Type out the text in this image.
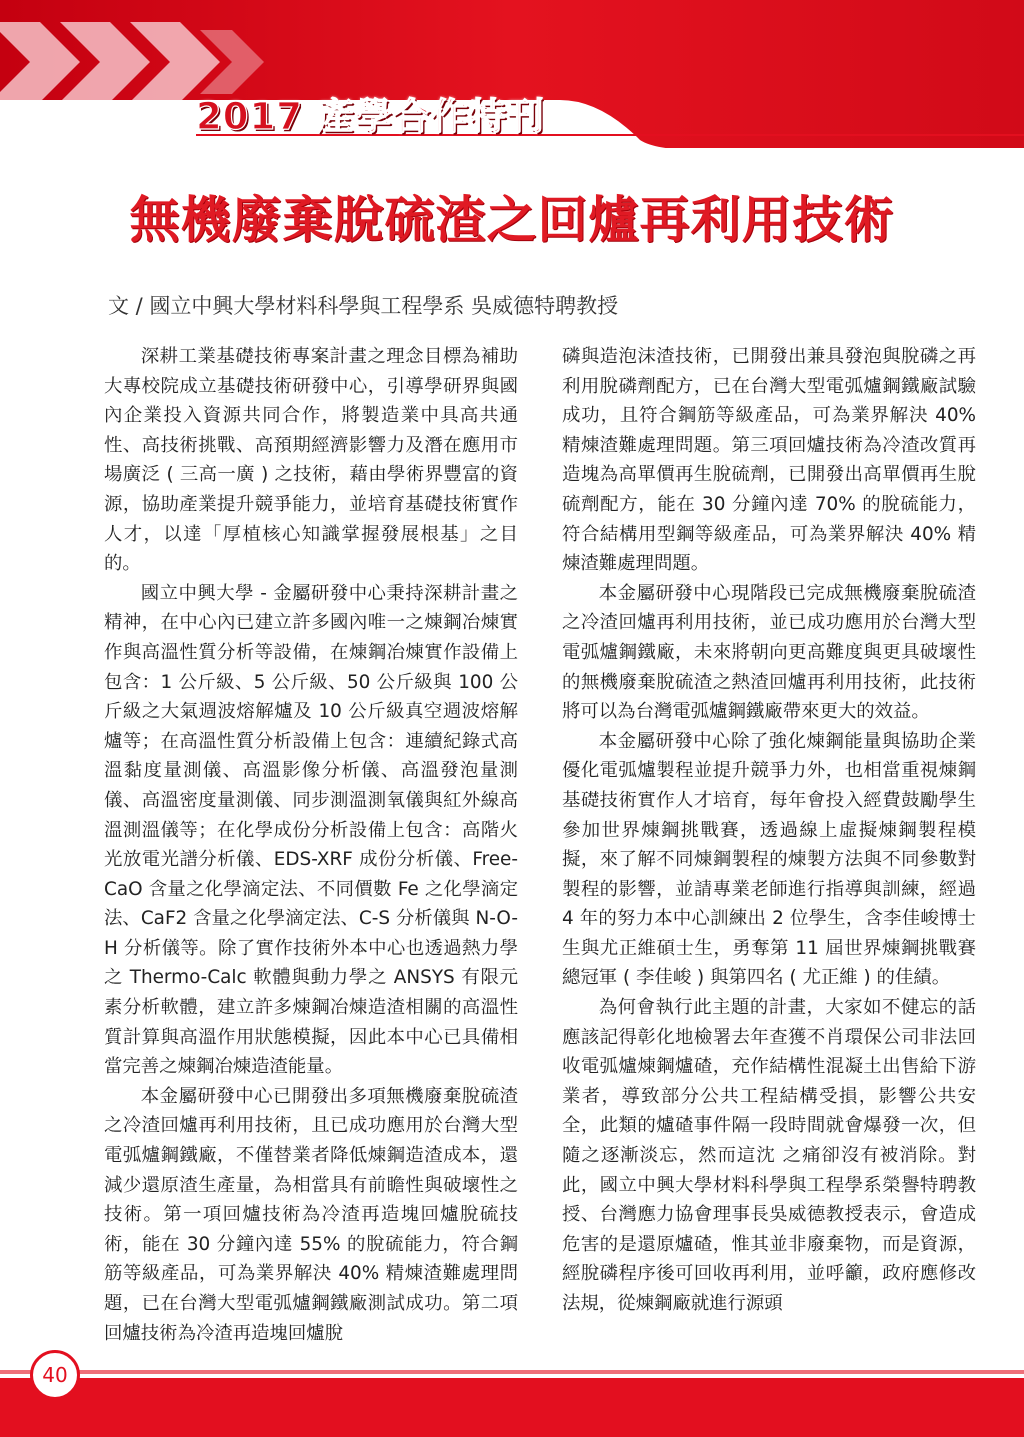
2017 產學合作特刊
無機廢棄脫硫渣之回爐再利用技術
文 / 國立中興大學材料科學與工程學系 吳威德特聘教授

深耕工業基礎技術專案計畫之理念目標為補助大專校院成立基礎技術研發中心，引導學研界與國內企業投入資源共同合作，將製造業中具高共通性、高技術挑戰、高預期經濟影響力及潛在應用市場廣泛 ( 三高一廣 ) 之技術，藉由學術界豐富的資源，協助產業提升競爭能力，並培育基礎技術實作人才，以達「厚植核心知識掌握發展根基」之目的。

國立中興大學 - 金屬研發中心秉持深耕計畫之精神，在中心內已建立許多國內唯一之煉鋼冶煉實作與高溫性質分析等設備，在煉鋼冶煉實作設備上包含：1 公斤級、5 公斤級、50 公斤級與 100 公斤級之大氣週波熔解爐及 10 公斤級真空週波熔解爐等；在高溫性質分析設備上包含：連續紀錄式高溫黏度量測儀、高溫影像分析儀、高溫發泡量測儀、高溫密度量測儀、同步測溫測氧儀與紅外線高溫測溫儀等；在化學成份分析設備上包含：高階火光放電光譜分析儀、EDS-XRF 成份分析儀、Free-CaO 含量之化學滴定法、不同價數 Fe 之化學滴定法、CaF2 含量之化學滴定法、C-S 分析儀與 N-O-H 分析儀等。除了實作技術外本中心也透過熱力學之 Thermo-Calc 軟體與動力學之 ANSYS 有限元素分析軟體，建立許多煉鋼冶煉造渣相關的高溫性質計算與高溫作用狀態模擬，因此本中心已具備相當完善之煉鋼冶煉造渣能量。

本金屬研發中心已開發出多項無機廢棄脫硫渣之冷渣回爐再利用技術，且已成功應用於台灣大型電弧爐鋼鐵廠，不僅替業者降低煉鋼造渣成本，還減少還原渣生產量，為相當具有前瞻性與破壞性之技術。第一項回爐技術為冷渣再造塊回爐脫硫技術，能在 30 分鐘內達 55% 的脫硫能力，符合鋼筋等級產品，可為業界解決 40% 精煉渣難處理問題，已在台灣大型電弧爐鋼鐵廠測試成功。第二項回爐技術為冷渣再造塊回爐脫

磷與造泡沫渣技術，已開發出兼具發泡與脫磷之再利用脫磷劑配方，已在台灣大型電弧爐鋼鐵廠試驗成功，且符合鋼筋等級產品，可為業界解決 40% 精煉渣難處理問題。第三項回爐技術為冷渣改質再造塊為高單價再生脫硫劑，已開發出高單價再生脫硫劑配方，能在 30 分鐘內達 70% 的脫硫能力，符合結構用型鋼等級產品，可為業界解決 40% 精煉渣難處理問題。

本金屬研發中心現階段已完成無機廢棄脫硫渣之冷渣回爐再利用技術，並已成功應用於台灣大型電弧爐鋼鐵廠，未來將朝向更高難度與更具破壞性的無機廢棄脫硫渣之熱渣回爐再利用技術，此技術將可以為台灣電弧爐鋼鐵廠帶來更大的效益。

本金屬研發中心除了強化煉鋼能量與協助企業優化電弧爐製程並提升競爭力外，也相當重視煉鋼基礎技術實作人才培育，每年會投入經費鼓勵學生參加世界煉鋼挑戰賽，透過線上虛擬煉鋼製程模擬，來了解不同煉鋼製程的煉製方法與不同參數對製程的影響，並請專業老師進行指導與訓練，經過 4 年的努力本中心訓練出 2 位學生，含李佳峻博士生與尤正維碩士生，勇奪第 11 屆世界煉鋼挑戰賽總冠軍 ( 李佳峻 ) 與第四名 ( 尤正維 ) 的佳績。

為何會執行此主題的計畫，大家如不健忘的話應該記得彰化地檢署去年查獲不肖環保公司非法回收電弧爐煉鋼爐碴，充作結構性混凝土出售給下游業者，導致部分公共工程結構受損，影響公共安全，此類的爐碴事件隔一段時間就會爆發一次，但隨之逐漸淡忘，然而這沈 之痛卻沒有被消除。對此，國立中興大學材料科學與工程學系榮譽特聘教授、台灣應力協會理事長吳威德教授表示，會造成危害的是還原爐碴，惟其並非廢棄物，而是資源，經脫磷程序後可回收再利用，並呼籲，政府應修改法規，從煉鋼廠就進行源頭

40
